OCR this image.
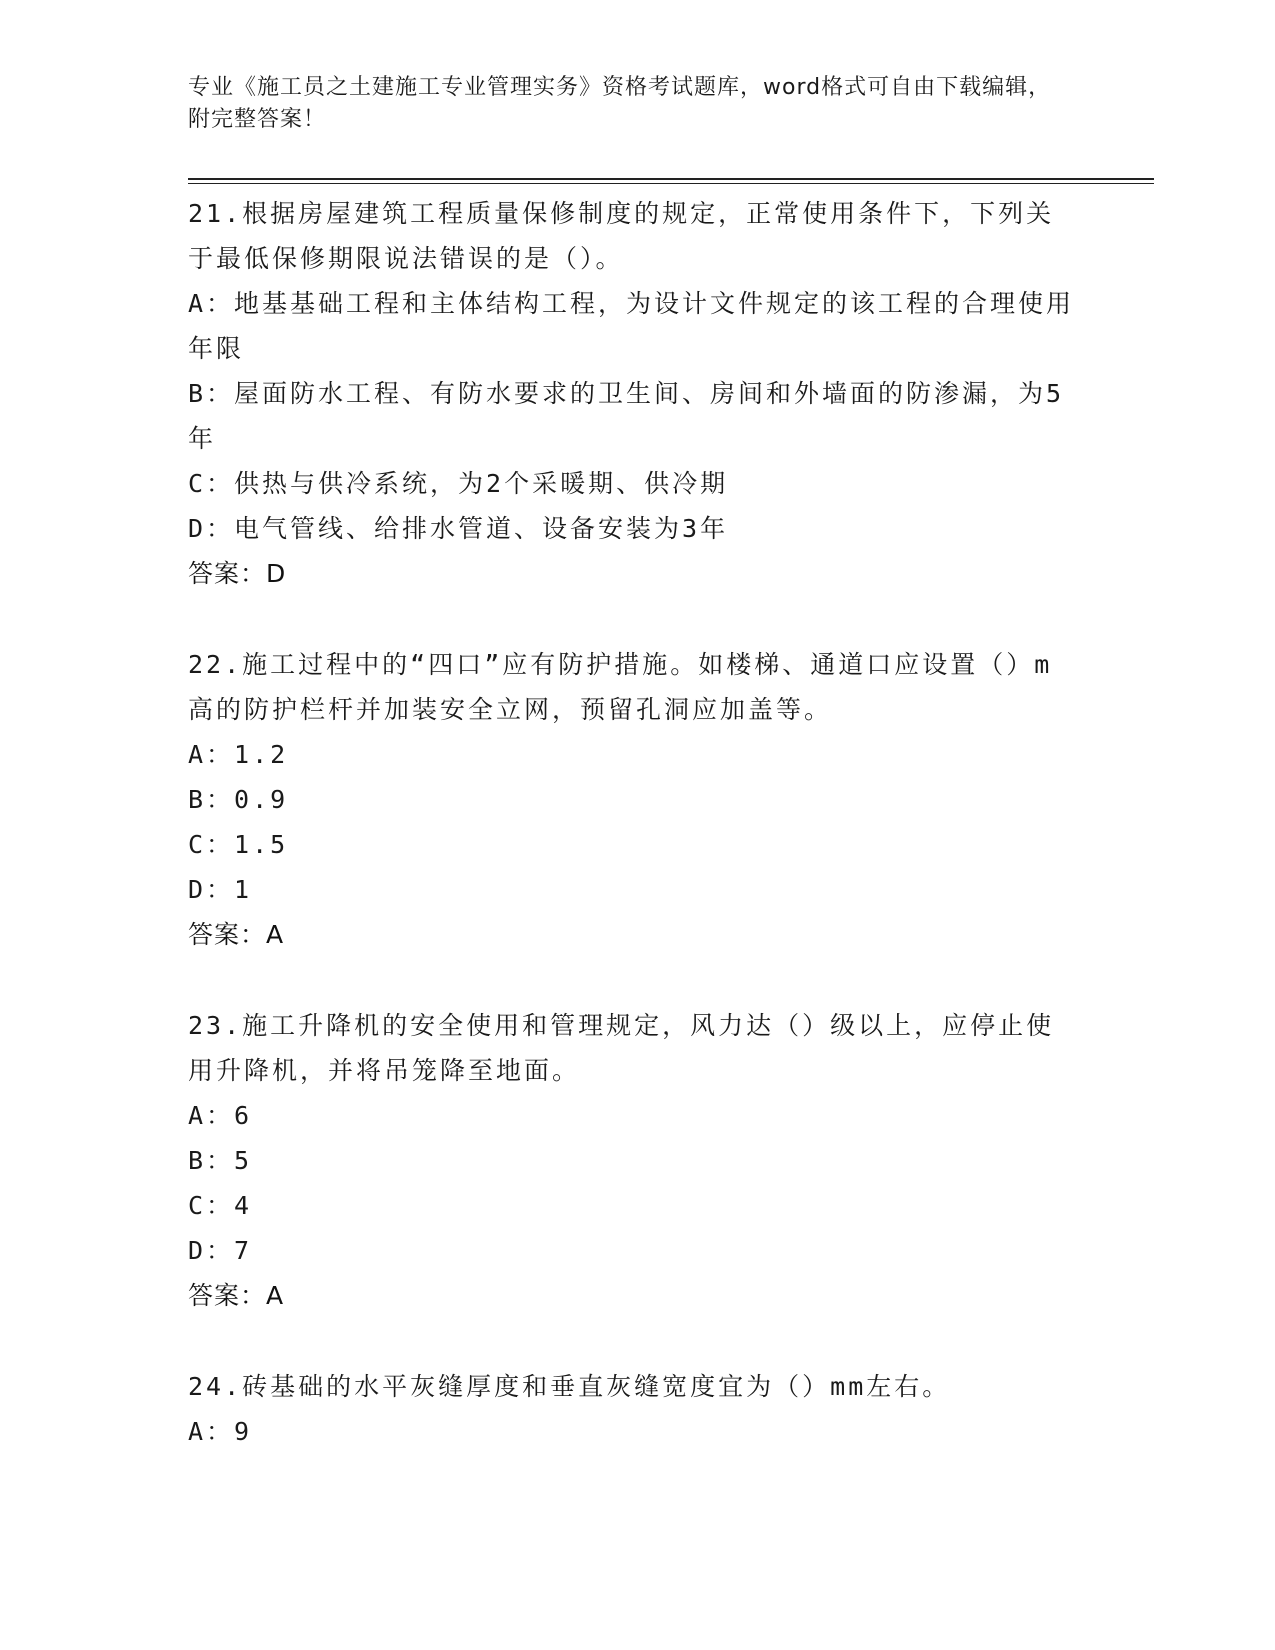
专业《施工员之土建施工专业管理实务》资格考试题库，word格式可自由下载编辑，附完整答案！

21.根据房屋建筑工程质量保修制度的规定，正常使用条件下，下列关于最低保修期限说法错误的是（）。

A：地基基础工程和主体结构工程，为设计文件规定的该工程的合理使用年限

B：屋面防水工程、有防水要求的卫生间、房间和外墙面的防渗漏，为5年

C：供热与供冷系统，为2个采暖期、供冷期

D：电气管线、给排水管道、设备安装为3年

答案：D

22.施工过程中的“四口”应有防护措施。如楼梯、通道口应设置（）m高的防护栏杆并加装安全立网，预留孔洞应加盖等。

A：1.2

B：0.9

C：1.5

D：1

答案：A

23.施工升降机的安全使用和管理规定，风力达（）级以上，应停止使用升降机，并将吊笼降至地面。

A：6

B：5

C：4

D：7

答案：A

24.砖基础的水平灰缝厚度和垂直灰缝宽度宜为（）mm左右。

A：9
